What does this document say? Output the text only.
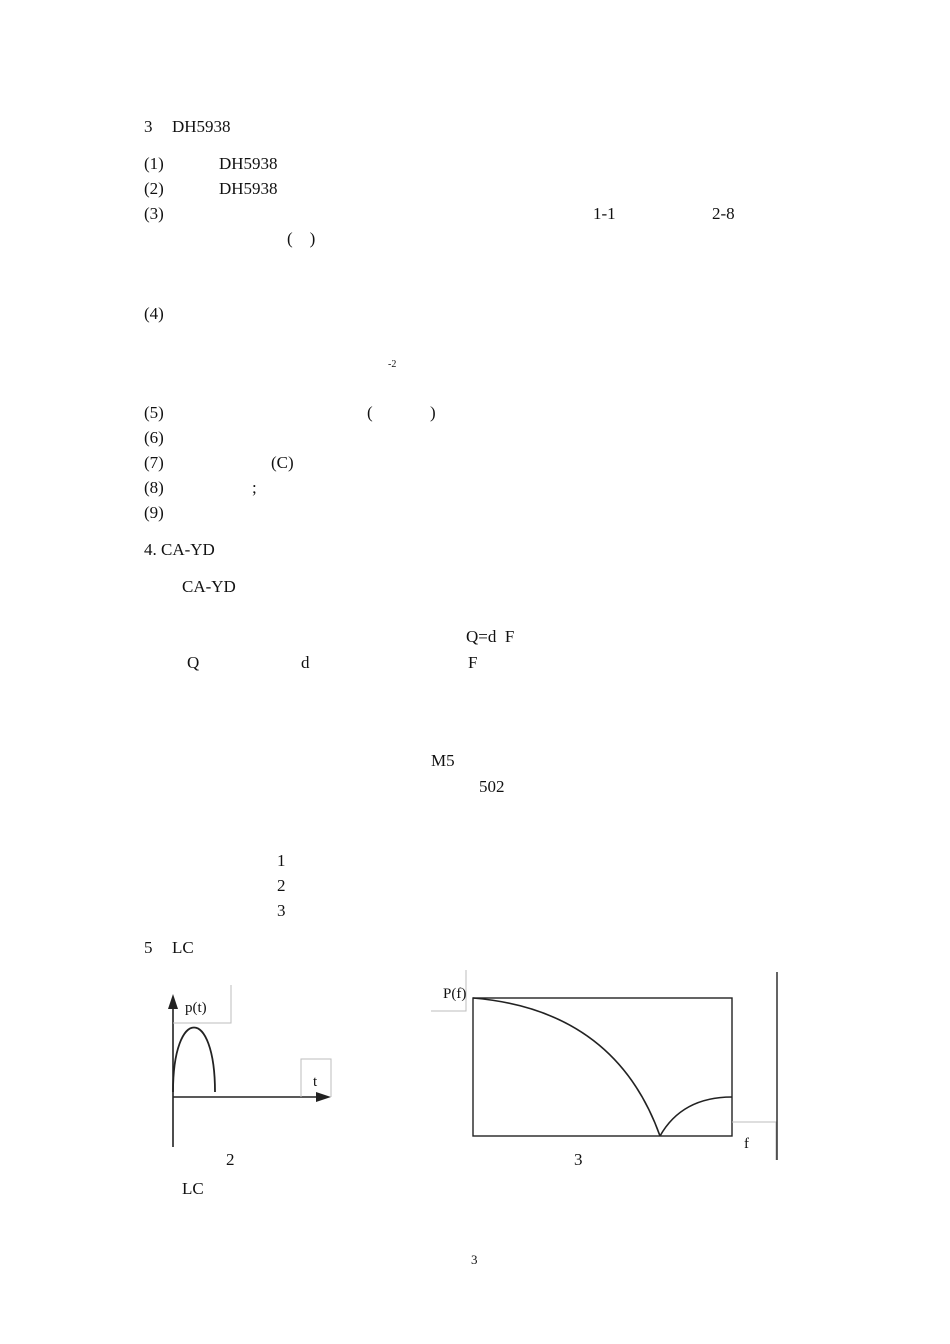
3 DH5938
(1)	DH5938
(2)	DH5938
(3)	1-1	2-8
(    )
(4)
-2
(5)	(	)
(6)
(7)	(C)
(8)	;
(9)
4. CA-YD
CA-YD
Q=d  F
Q	d	F
M5
502
1
2
3
5 LC
p(t)
t
2
P(f)
f
3
LC
3
